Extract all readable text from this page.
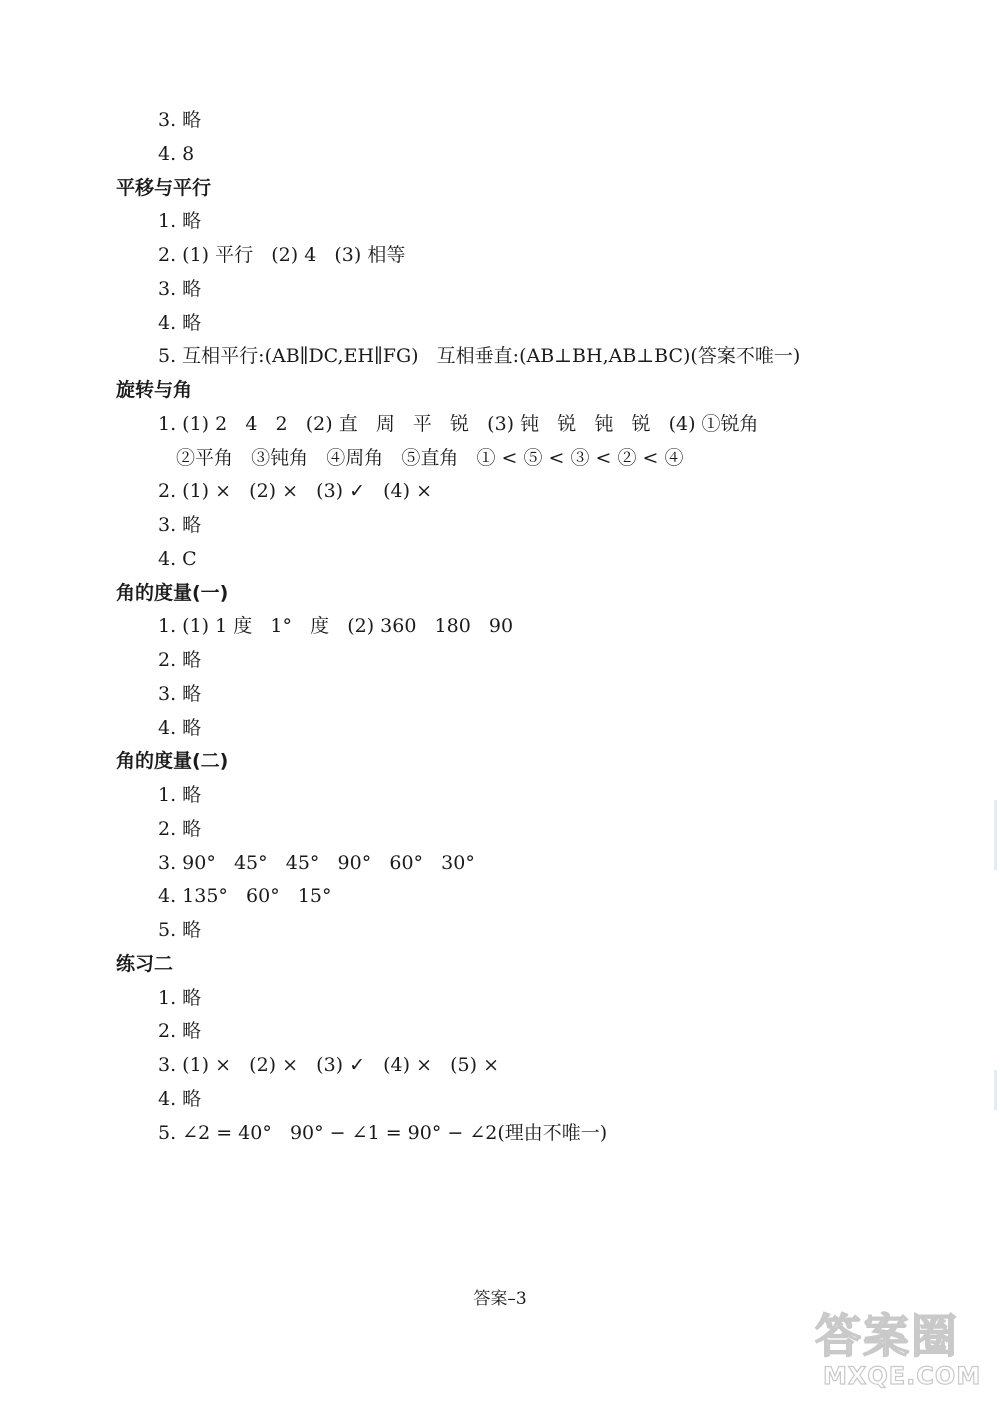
3. 略
4. 8
平移与平行
1. 略
2. (1) 平行   (2) 4   (3) 相等
3. 略
4. 略
5. 互相平行:(AB∥DC,EH∥FG)   互相垂直:(AB⊥BH,AB⊥BC)(答案不唯一)
旋转与角
1. (1) 2   4   2   (2) 直   周   平   锐   (3) 钝   锐   钝   锐   (4) ①锐角
②平角   ③钝角   ④周角   ⑤直角   ① < ⑤ < ③ < ② < ④
2. (1) ×   (2) ×   (3) ✓   (4) ×
3. 略
4. C
角的度量(一)
1. (1) 1 度   1°   度   (2) 360   180   90
2. 略
3. 略
4. 略
角的度量(二)
1. 略
2. 略
3. 90°   45°   45°   90°   60°   30°
4. 135°   60°   15°
5. 略
练习二
1. 略
2. 略
3. (1) ×   (2) ×   (3) ✓   (4) ×   (5) ×
4. 略
5. ∠2 = 40°   90° − ∠1 = 90° − ∠2(理由不唯一)
答案–3
答案圈
MXQE.COM
